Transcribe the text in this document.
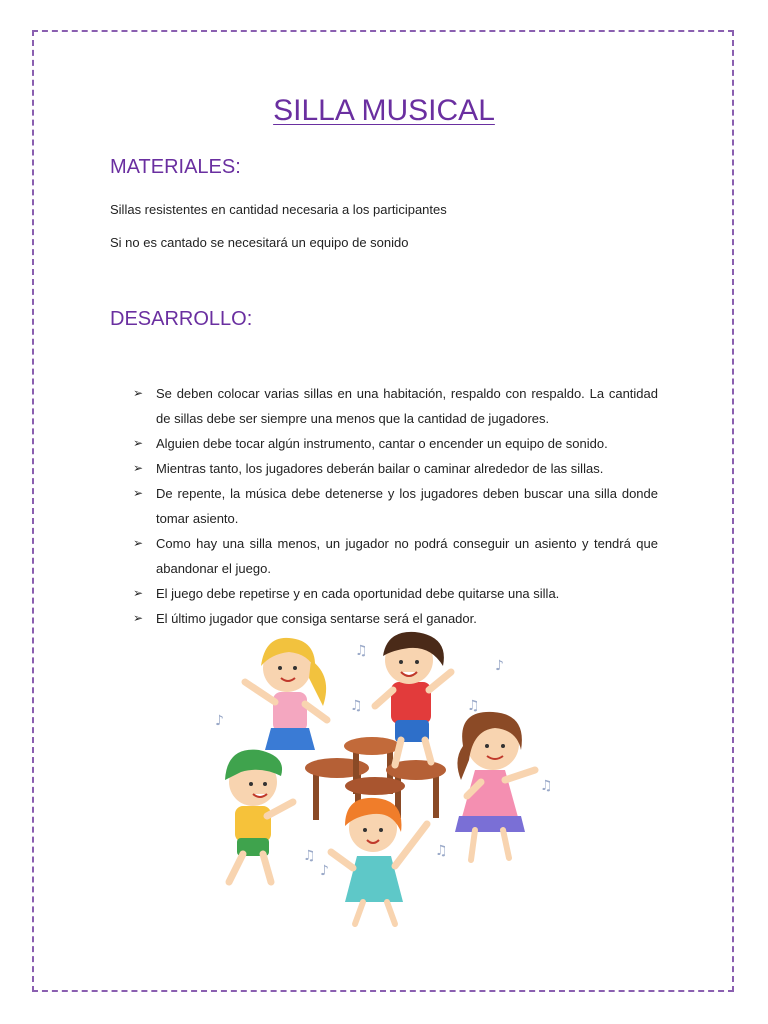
SILLA MUSICAL
MATERIALES:
Sillas resistentes en cantidad necesaria a los participantes
Si no es cantado se necesitará un equipo de sonido
DESARROLLO:
➢ Se deben colocar varias sillas en una habitación, respaldo con respaldo. La cantidad de sillas debe ser siempre una menos que la cantidad de jugadores.
➢ Alguien debe tocar algún instrumento, cantar o encender un equipo de sonido.
➢ Mientras tanto, los jugadores deberán bailar o caminar alrededor de las sillas.
➢ De repente, la música debe detenerse y los jugadores deben buscar una silla donde tomar asiento.
➢ Como hay una silla menos, un jugador no podrá conseguir un asiento y tendrá que abandonar el juego.
➢ El juego debe repetirse y en cada oportunidad debe quitarse una silla.
➢ El último jugador que consiga sentarse será el ganador.
♫
♪
♪
♫	♫
♫
♫	♫
♪
